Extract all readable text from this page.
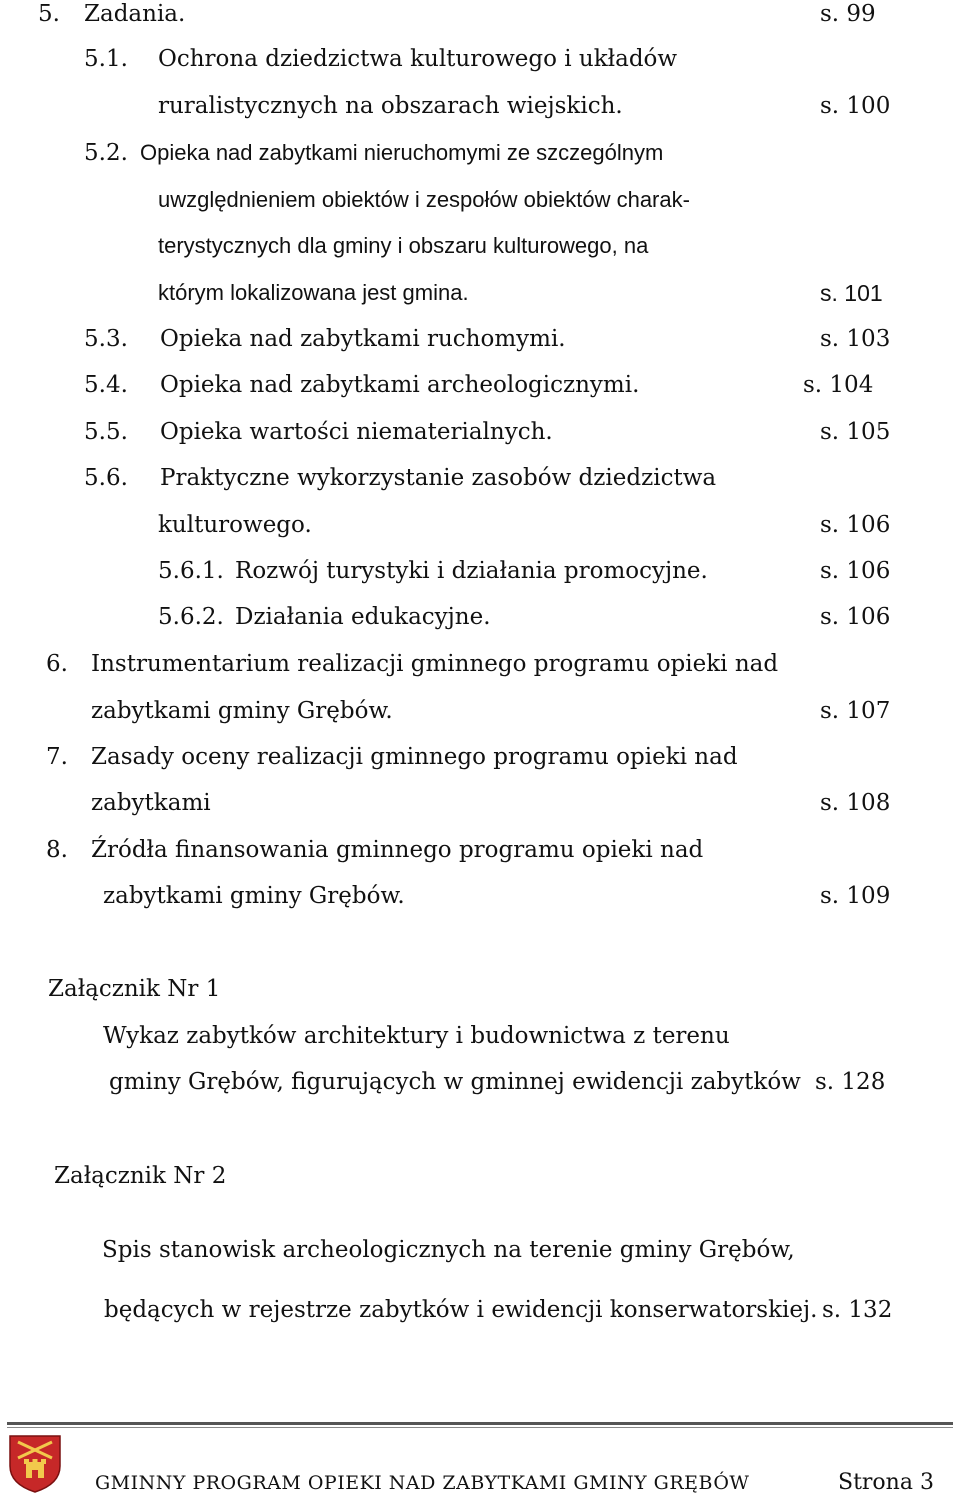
5. Zadania.	s. 99
5.1. Ochrona dziedzictwa kulturowego i układów
ruralistycznych na obszarach wiejskich.	s. 100
5.2. Opieka nad zabytkami nieruchomymi ze szczególnym
uwzględnieniem obiektów i zespołów obiektów charak-
terystycznych dla gminy i obszaru kulturowego, na
którym lokalizowana jest gmina.	s. 101
5.3. Opieka nad zabytkami ruchomymi.	s. 103
5.4. Opieka nad zabytkami archeologicznymi.	s. 104
5.5. Opieka wartości niematerialnych.	s. 105
5.6. Praktyczne wykorzystanie zasobów dziedzictwa
kulturowego.	s. 106
5.6.1. Rozwój turystyki i działania promocyjne.	s. 106
5.6.2. Działania edukacyjne.	s. 106
6. Instrumentarium realizacji gminnego programu opieki nad
zabytkami gminy Grębów.	s. 107
7. Zasady oceny realizacji gminnego programu opieki nad
zabytkami	s. 108
8. Źródła finansowania gminnego programu opieki nad
zabytkami gminy Grębów.	s. 109
Załącznik Nr 1
Wykaz zabytków architektury i budownictwa z terenu
gminy Grębów, figurujących w gminnej ewidencji zabytków s. 128
Załącznik Nr 2
Spis stanowisk archeologicznych na terenie gminy Grębów,
będących w rejestrze zabytków i ewidencji konserwatorskiej. s. 132
GMINNY PROGRAM OPIEKI NAD ZABYTKAMI GMINY GRĘBÓW	Strona 3
